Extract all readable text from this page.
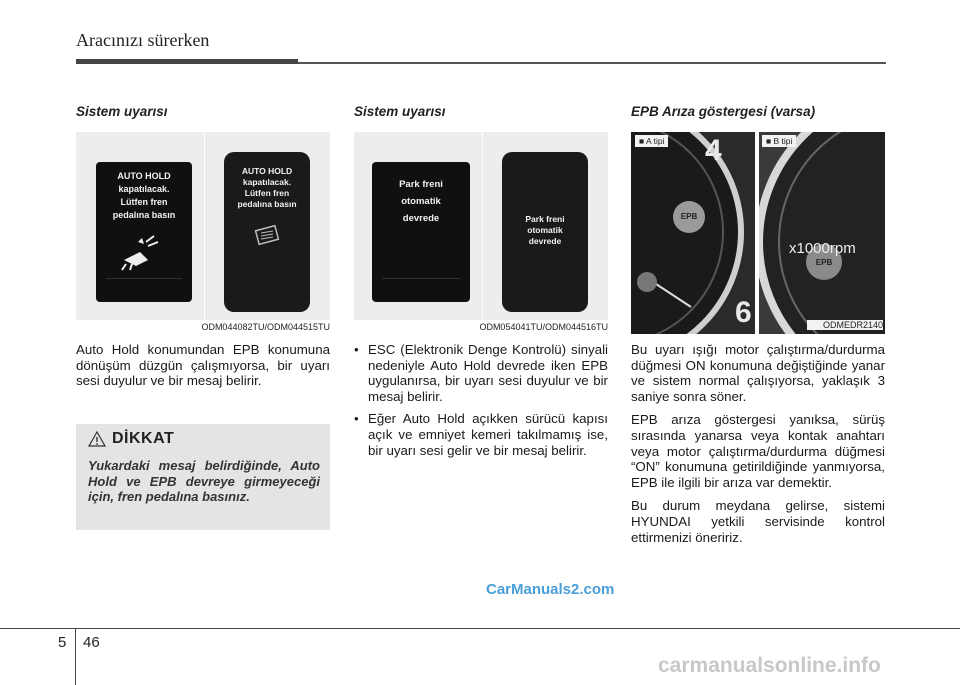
Aracınızı sürerken
Sistem uyarısı
AUTO HOLD
kapatılacak.
Lütfen fren
pedalına basın
AUTO HOLD
kapatılacak.
Lütfen fren
pedalına basın
ODM044082TU/ODM044515TU

Auto Hold konumundan EPB konumuna dönüşüm düzgün çalışmıyorsa, bir uyarı sesi duyulur ve bir mesaj belirir.

DİKKAT
Yukardaki mesaj belirdiğinde, Auto Hold ve EPB devreye girmeyeceği için, fren pedalına basınız.
Sistem uyarısı
Park freni
otomatik
devrede	Park freni
otomatik
devrede
ODM054041TU/ODM044516TU
• ESC (Elektronik Denge Kontrolü) sinyali nedeniyle Auto Hold devrede iken EPB uygulanırsa, bir uyarı sesi duyulur ve bir mesaj belirir.
• Eğer Auto Hold açıkken sürücü kapısı açık ve emniyet kemeri takılmamış ise, bir uyarı sesi gelir ve bir mesaj belirir.
EPB Arıza göstergesi (varsa)
4
6
EPB
■ A tipi
x1000rpm
EPB
■ B tipi
ODMEDR2140

Bu uyarı ışığı motor çalıştırma/durdurma düğmesi ON konumuna değiştiğinde yanar ve sistem normal çalışıyorsa, yaklaşık 3 saniye sonra söner.

EPB arıza göstergesi yanıksa, sürüş sırasında yanarsa veya kontak anahtarı veya motor çalıştırma/durdurma düğmesi “ON” konumuna getirildiğinde yanmıyorsa, EPB ile ilgili bir arıza var demektir.

Bu durum meydana gelirse, sistemi HYUNDAI yetkili servisinde kontrol ettirmenizi öneririz.

CarManuals2.com
5 46
carmanualsonline.info
